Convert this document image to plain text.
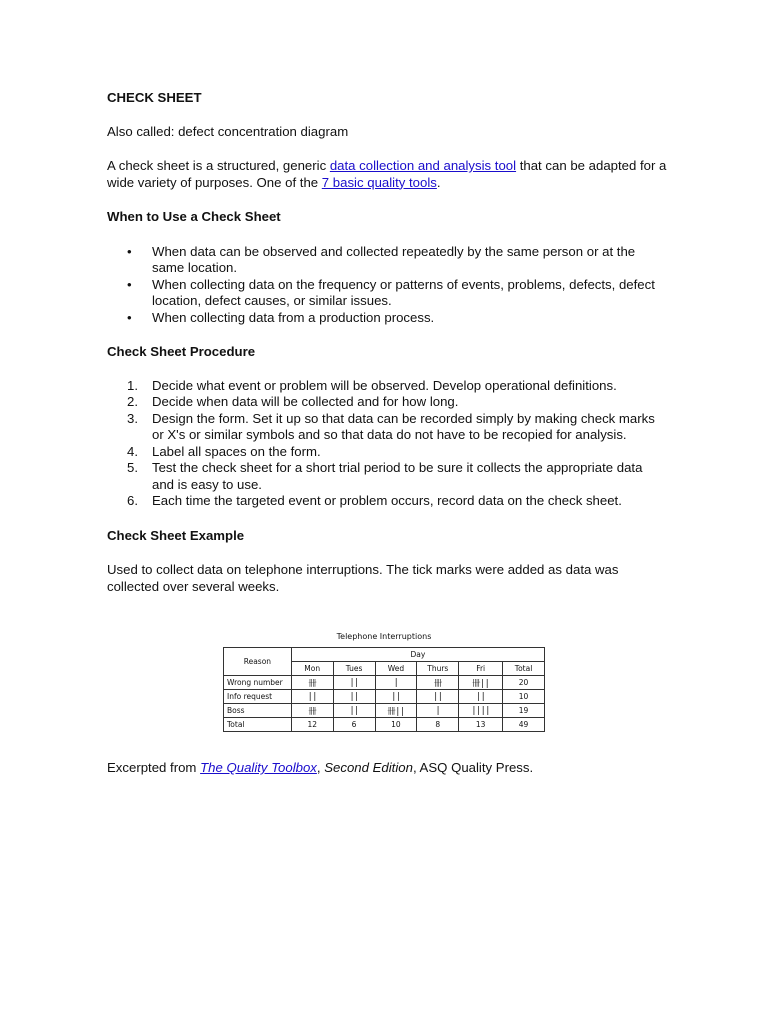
CHECK SHEET

Also called: defect concentration diagram

A check sheet is a structured, generic data collection and analysis tool that can be adapted for a wide variety of purposes. One of the 7 basic quality tools.

When to Use a Check Sheet

• When data can be observed and collected repeatedly by the same person or at the same location.
• When collecting data on the frequency or patterns of events, problems, defects, defect location, defect causes, or similar issues.
• When collecting data from a production process.

Check Sheet Procedure

1. Decide what event or problem will be observed. Develop operational definitions.
2. Decide when data will be collected and for how long.
3. Design the form. Set it up so that data can be recorded simply by making check marks or X's or similar symbols and so that data do not have to be recopied for analysis.
4. Label all spaces on the form.
5. Test the check sheet for a short trial period to be sure it collects the appropriate data and is easy to use.
6. Each time the targeted event or problem occurs, record data on the check sheet.

Check Sheet Example

Used to collect data on telephone interruptions. The tick marks were added as data was collected over several weeks.

Telephone Interruptions
Reason	Day					
	Mon	Tues	Wed	Thurs	Fri	Total
Wrong number	卌	||	|	卌	卌||	20
Info request	||	||	||	||	||	10
Boss	卌	||	卌||	|	||||	19
Total	12	6	10	8	13	49

Excerpted from The Quality Toolbox, Second Edition, ASQ Quality Press.
